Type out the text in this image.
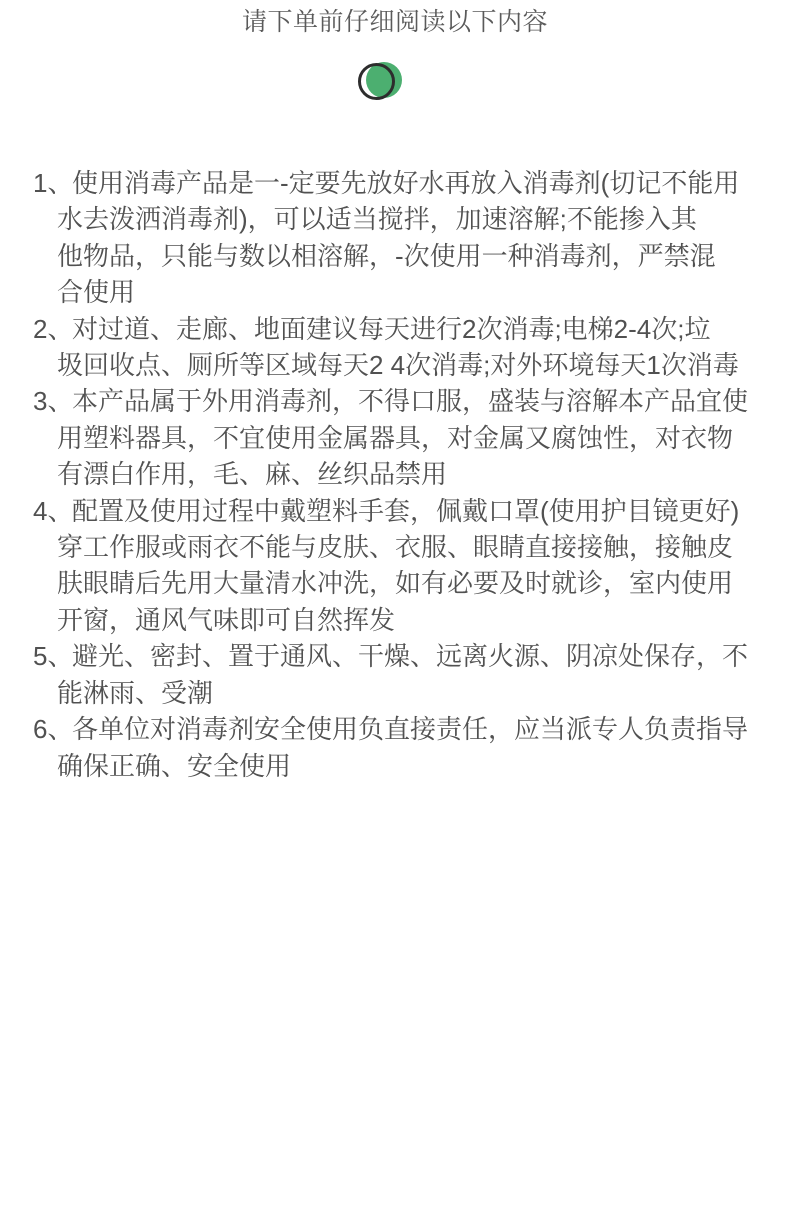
请下单前仔细阅读以下内容
1、使用消毒产品是一-定要先放好水再放入消毒剂(切记不能用
水去泼洒消毒剂)，可以适当搅拌，加速溶解;不能掺入其
他物品，只能与数以相溶解，-次使用一种消毒剂，严禁混
合使用
2、对过道、走廊、地面建议每天进行2次消毒;电梯2-4次;垃
圾回收点、厕所等区域每天2 4次消毒;对外环境每天1次消毒
3、本产品属于外用消毒剂，不得口服，盛装与溶解本产品宜使
用塑料器具，不宜使用金属器具，对金属又腐蚀性，对衣物
有漂白作用，毛、麻、丝织品禁用
4、配置及使用过程中戴塑料手套，佩戴口罩(使用护目镜更好)
穿工作服或雨衣不能与皮肤、衣服、眼睛直接接触，接触皮
肤眼睛后先用大量清水冲洗，如有必要及时就诊，室内使用
开窗，通风气味即可自然挥发
5、避光、密封、置于通风、干燥、远离火源、阴凉处保存，不
能淋雨、受潮
6、各单位对消毒剂安全使用负直接责任，应当派专人负责指导
确保正确、安全使用
